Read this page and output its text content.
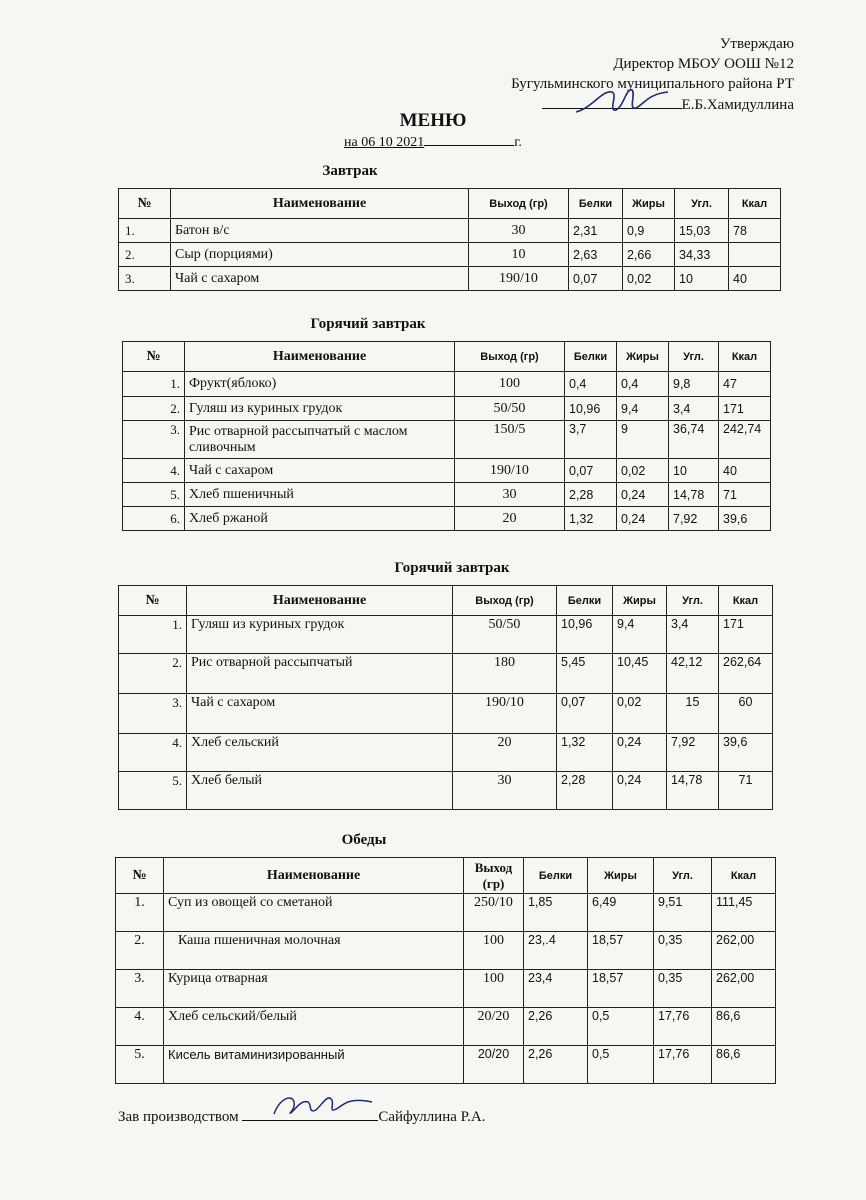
Утверждаю
Директор МБОУ ООШ №12
Бугульминского муниципального района РТ
Е.Б.Хамидуллина
МЕНЮ
на 06 10 2021	г.
Завтрак
№	Наименование	Выход (гр)	Белки	Жиры	Угл.	Ккал
1.	Батон в/с	30	2,31	0,9	15,03	78
2.	Сыр (порциями)	10	2,63	2,66	34,33	
3.	Чай с сахаром	190/10	0,07	0,02	10	40
Горячий завтрак
№	Наименование	Выход (гр)	Белки	Жиры	Угл.	Ккал
1.	Фрукт(яблоко)	100	0,4	0,4	9,8	47
2.	Гуляш из куриных грудок	50/50	10,96	9,4	3,4	171
3.	Рис отварной рассыпчатый с маслом сливочным	150/5	3,7	9	36,74	242,74
4.	Чай с сахаром	190/10	0,07	0,02	10	40
5.	Хлеб пшеничный	30	2,28	0,24	14,78	71
6.	Хлеб ржаной	20	1,32	0,24	7,92	39,6
Горячий завтрак
№	Наименование	Выход (гр)	Белки	Жиры	Угл.	Ккал
1.	Гуляш из куриных грудок	50/50	10,96	9,4	3,4	171
2.	Рис отварной рассыпчатый	180	5,45	10,45	42,12	262,64
3.	Чай с сахаром	190/10	0,07	0,02	15	60
4.	Хлеб сельский	20	1,32	0,24	7,92	39,6
5.	Хлеб белый	30	2,28	0,24	14,78	71
Обеды
№	Наименование	Выход (гр)	Белки	Жиры	Угл.	Ккал
1.	Суп из овощей со сметаной	250/10	1,85	6,49	9,51	111,45
2.	Каша пшеничная молочная	100	23,.4	18,57	0,35	262,00
3.	Курица отварная	100	23,4	18,57	0,35	262,00
4.	Хлеб сельский/белый	20/20	2,26	0,5	17,76	86,6
5.	Кисель витаминизированный	20/20	2,26	0,5	17,76	86,6
Зав производством	Сайфуллина Р.А.
